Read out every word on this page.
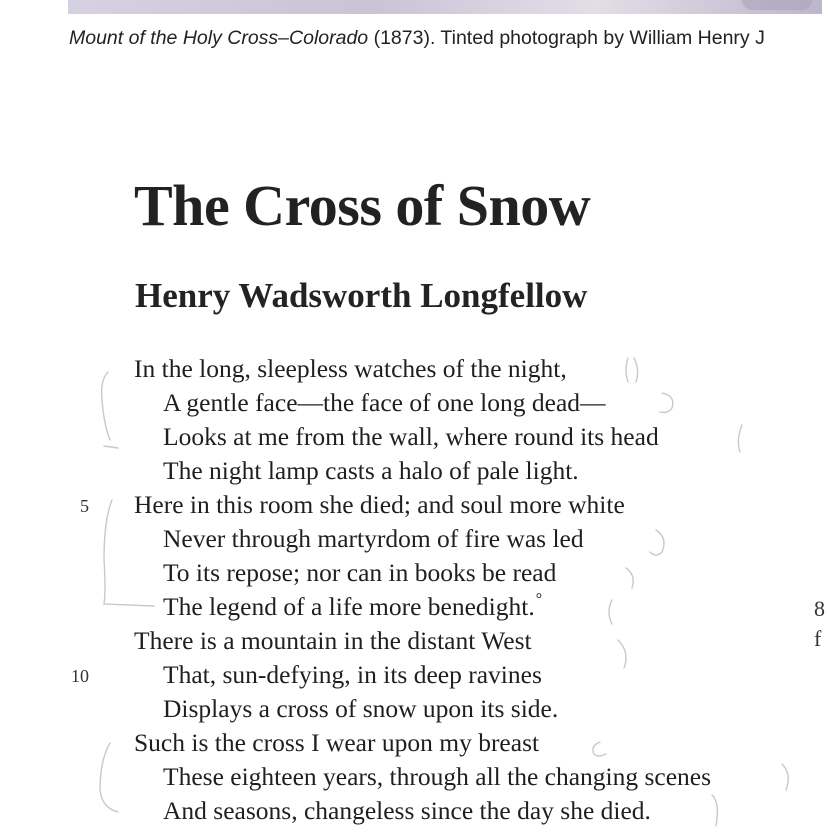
Mount of the Holy Cross–Colorado (1873). Tinted photograph by William Henry J
The Cross of Snow
Henry Wadsworth Longfellow
In the long, sleepless watches of the night,
A gentle face—the face of one long dead—
Looks at me from the wall, where round its head
The night lamp casts a halo of pale light.
Here in this room she died; and soul more white
Never through martyrdom of fire was led
To its repose; nor can in books be read
The legend of a life more benedight.°
There is a mountain in the distant West
That, sun-defying, in its deep ravines
Displays a cross of snow upon its side.
Such is the cross I wear upon my breast
These eighteen years, through all the changing scenes
And seasons, changeless since the day she died.
5
10
8
f
